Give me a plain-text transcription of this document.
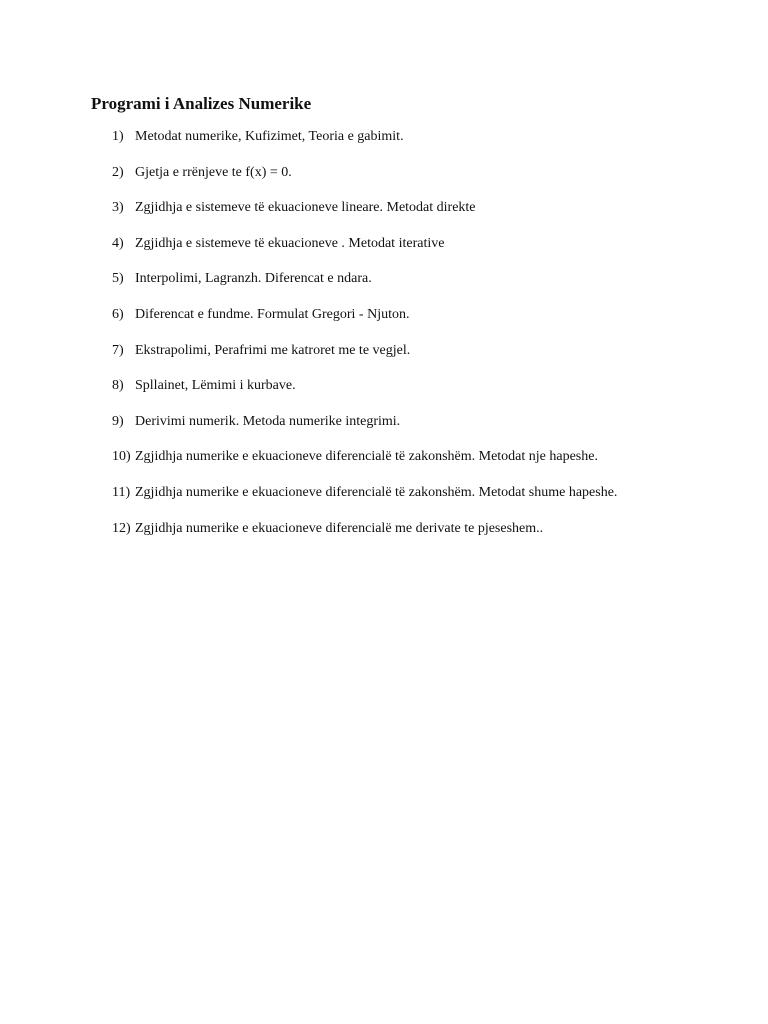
Programi i Analizes Numerike
1) Metodat numerike, Kufizimet, Teoria e gabimit.
2) Gjetja e rrënjeve te f(x) = 0.
3) Zgjidhja e sistemeve të ekuacioneve lineare. Metodat direkte
4) Zgjidhja e sistemeve të ekuacioneve . Metodat iterative
5) Interpolimi, Lagranzh. Diferencat e ndara.
6) Diferencat e fundme. Formulat Gregori - Njuton.
7) Ekstrapolimi, Perafrimi me katroret me te vegjel.
8) Spllainet, Lëmimi i kurbave.
9) Derivimi numerik. Metoda numerike integrimi.
10) Zgjidhja numerike e ekuacioneve diferencialë të zakonshëm. Metodat nje hapeshe.
11) Zgjidhja numerike e ekuacioneve diferencialë të zakonshëm. Metodat shume hapeshe.
12) Zgjidhja numerike e ekuacioneve diferencialë me derivate te pjeseshem..
